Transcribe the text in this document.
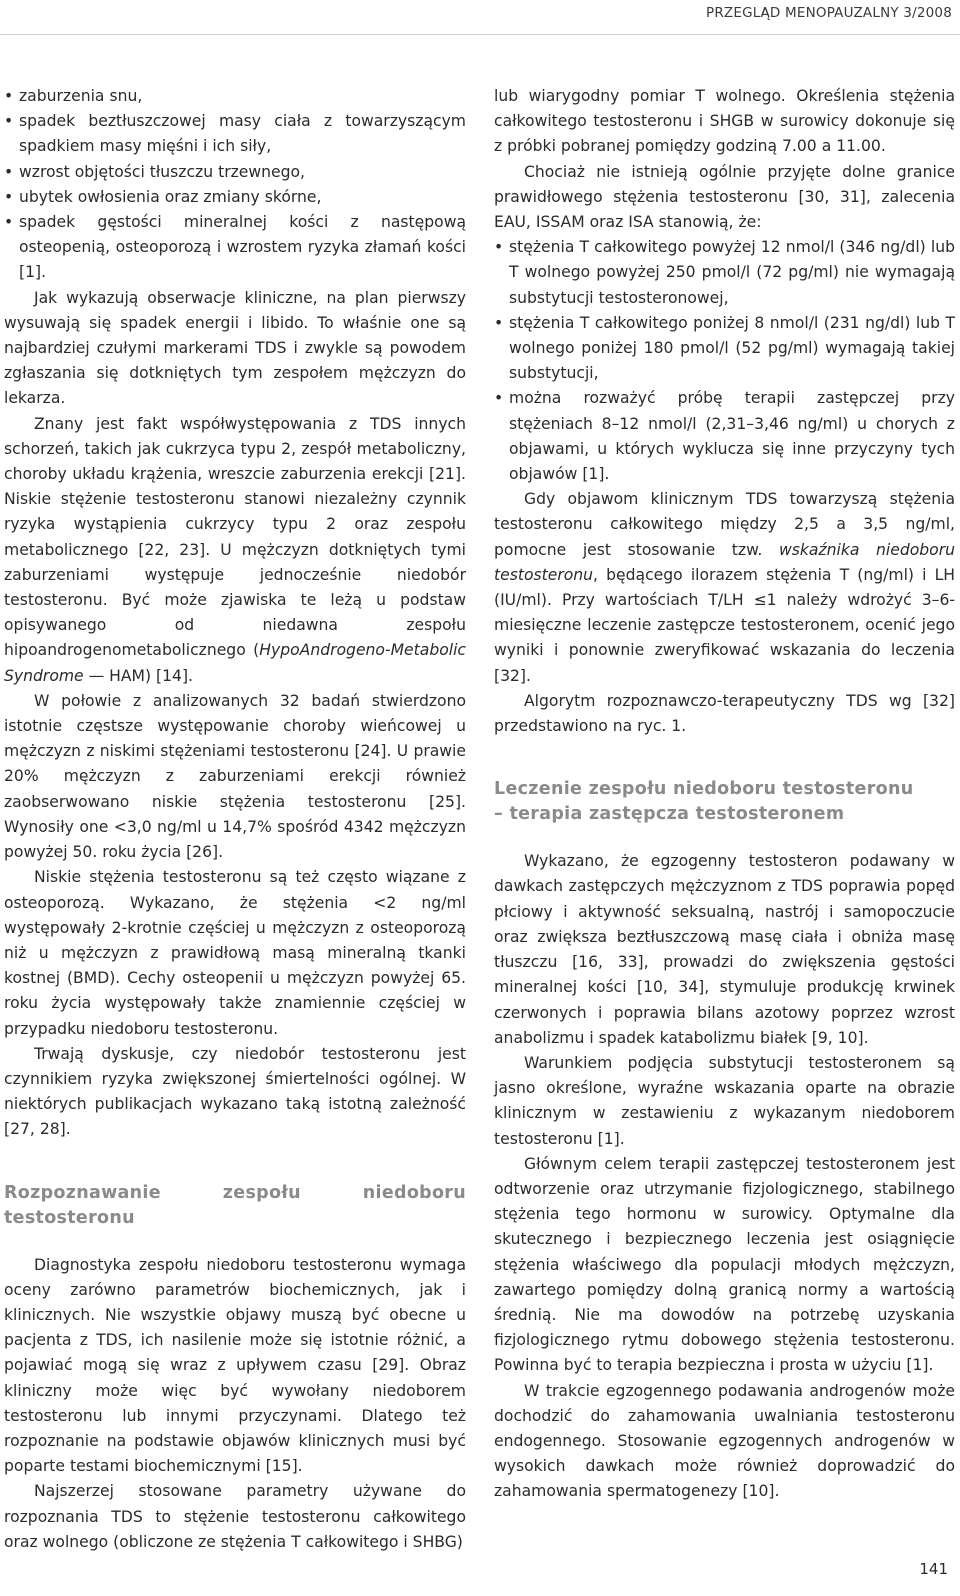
PRZEGLĄD MENOPAUZALNY 3/2008
• zaburzenia snu,
• spadek beztłuszczowej masy ciała z towarzyszącym spadkiem masy mięśni i ich siły,
• wzrost objętości tłuszczu trzewnego,
• ubytek owłosienia oraz zmiany skórne,
• spadek gęstości mineralnej kości z następową osteopenią, osteoporozą i wzrostem ryzyka złamań kości [1].

Jak wykazują obserwacje kliniczne, na plan pierwszy wysuwają się spadek energii i libido. To właśnie one są najbardziej czułymi markerami TDS i zwykle są powodem zgłaszania się dotkniętych tym zespołem mężczyzn do lekarza.

Znany jest fakt współwystępowania z TDS innych schorzeń, takich jak cukrzyca typu 2, zespół metaboliczny, choroby układu krążenia, wreszcie zaburzenia erekcji [21]. Niskie stężenie testosteronu stanowi niezależny czynnik ryzyka wystąpienia cukrzycy typu 2 oraz zespołu metabolicznego [22, 23]. U mężczyzn dotkniętych tymi zaburzeniami występuje jednocześnie niedobór testosteronu. Być może zjawiska te leżą u podstaw opisywanego od niedawna zespołu hipoandrogenometabolicznego (HypoAndrogeno-Metabolic Syndrome — HAM) [14].

W połowie z analizowanych 32 badań stwierdzono istotnie częstsze występowanie choroby wieńcowej u mężczyzn z niskimi stężeniami testosteronu [24]. U prawie 20% mężczyzn z zaburzeniami erekcji również zaobserwowano niskie stężenia testosteronu [25]. Wynosiły one <3,0 ng/ml u 14,7% spośród 4342 mężczyzn powyżej 50. roku życia [26].

Niskie stężenia testosteronu są też często wiązane z osteoporozą. Wykazano, że stężenia <2 ng/ml występowały 2-krotnie częściej u mężczyzn z osteoporozą niż u mężczyzn z prawidłową masą mineralną tkanki kostnej (BMD). Cechy osteopenii u mężczyzn powyżej 65. roku życia występowały także znamiennie częściej w przypadku niedoboru testosteronu.

Trwają dyskusje, czy niedobór testosteronu jest czynnikiem ryzyka zwiększonej śmiertelności ogólnej. W niektórych publikacjach wykazano taką istotną zależność [27, 28].

Rozpoznawanie zespołu niedoboru testosteronu

Diagnostyka zespołu niedoboru testosteronu wymaga oceny zarówno parametrów biochemicznych, jak i klinicznych. Nie wszystkie objawy muszą być obecne u pacjenta z TDS, ich nasilenie może się istotnie różnić, a pojawiać mogą się wraz z upływem czasu [29]. Obraz kliniczny może więc być wywołany niedoborem testosteronu lub innymi przyczynami. Dlatego też rozpoznanie na podstawie objawów klinicznych musi być poparte testami biochemicznymi [15].

Najszerzej stosowane parametry używane do rozpoznania TDS to stężenie testosteronu całkowitego oraz wolnego (obliczone ze stężenia T całkowitego i SHBG)

lub wiarygodny pomiar T wolnego. Określenia stężenia całkowitego testosteronu i SHGB w surowicy dokonuje się z próbki pobranej pomiędzy godziną 7.00 a 11.00.

Chociaż nie istnieją ogólnie przyjęte dolne granice prawidłowego stężenia testosteronu [30, 31], zalecenia EAU, ISSAM oraz ISA stanowią, że:

• stężenia T całkowitego powyżej 12 nmol/l (346 ng/dl) lub T wolnego powyżej 250 pmol/l (72 pg/ml) nie wymagają substytucji testosteronowej,
• stężenia T całkowitego poniżej 8 nmol/l (231 ng/dl) lub T wolnego poniżej 180 pmol/l (52 pg/ml) wymagają takiej substytucji,
• można rozważyć próbę terapii zastępczej przy stężeniach 8–12 nmol/l (2,31–3,46 ng/ml) u chorych z objawami, u których wyklucza się inne przyczyny tych objawów [1].

Gdy objawom klinicznym TDS towarzyszą stężenia testosteronu całkowitego między 2,5 a 3,5 ng/ml, pomocne jest stosowanie tzw. wskaźnika niedoboru testosteronu, będącego ilorazem stężenia T (ng/ml) i LH (IU/ml). Przy wartościach T/LH ≤1 należy wdrożyć 3–6-miesięczne leczenie zastępcze testosteronem, ocenić jego wyniki i ponownie zweryfikować wskazania do leczenia [32].

Algorytm rozpoznawczo-terapeutyczny TDS wg [32] przedstawiono na ryc. 1.

Leczenie zespołu niedoboru testosteronu
– terapia zastępcza testosteronem

Wykazano, że egzogenny testosteron podawany w dawkach zastępczych mężczyznom z TDS poprawia popęd płciowy i aktywność seksualną, nastrój i samopoczucie oraz zwiększa beztłuszczową masę ciała i obniża masę tłuszczu [16, 33], prowadzi do zwiększenia gęstości mineralnej kości [10, 34], stymuluje produkcję krwinek czerwonych i poprawia bilans azotowy poprzez wzrost anabolizmu i spadek katabolizmu białek [9, 10].

Warunkiem podjęcia substytucji testosteronem są jasno określone, wyraźne wskazania oparte na obrazie klinicznym w zestawieniu z wykazanym niedoborem testosteronu [1].

Głównym celem terapii zastępczej testosteronem jest odtworzenie oraz utrzymanie fizjologicznego, stabilnego stężenia tego hormonu w surowicy. Optymalne dla skutecznego i bezpiecznego leczenia jest osiągnięcie stężenia właściwego dla populacji młodych mężczyzn, zawartego pomiędzy dolną granicą normy a wartością średnią. Nie ma dowodów na potrzebę uzyskania fizjologicznego rytmu dobowego stężenia testosteronu. Powinna być to terapia bezpieczna i prosta w użyciu [1].

W trakcie egzogennego podawania androgenów może dochodzić do zahamowania uwalniania testosteronu endogennego. Stosowanie egzogennych androgenów w wysokich dawkach może również doprowadzić do zahamowania spermatogenezy [10].

141
